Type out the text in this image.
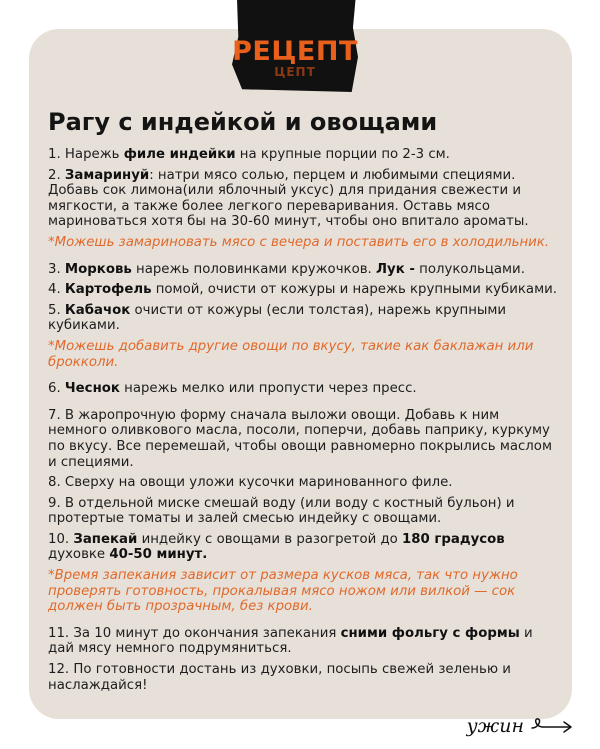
РЕЦЕПТ
ЦЕПТ
Рагу с индейкой и овощами
1. Нарежь филе индейки на крупные порции по 2-3 см.
2. Замаринуй: натри мясо солью, перцем и любимыми специями. Добавь сок лимона(или яблочный уксус) для придания свежести и мягкости, а также более легкого переваривания. Оставь мясо мариноваться хотя бы на 30-60 минут, чтобы оно впитало ароматы.
*Можешь замариновать мясо с вечера и поставить его в холодильник.
3. Морковь нарежь половинками кружочков. Лук - полукольцами.
4. Картофель помой, очисти от кожуры и нарежь крупными кубиками.
5. Кабачок очисти от кожуры (если толстая), нарежь крупными кубиками.
*Можешь добавить другие овощи по вкусу, такие как баклажан или брокколи.
6. Чеснок нарежь мелко или пропусти через пресс.
7. В жаропрочную форму сначала выложи овощи. Добавь к ним немного оливкового масла, посоли, поперчи, добавь паприку, куркуму по вкусу. Все перемешай, чтобы овощи равномерно покрылись маслом и специями.
8. Сверху на овощи уложи кусочки маринованного филе.
9. В отдельной миске смешай воду (или воду с костный бульон) и протертые томаты и залей смесью индейку с овощами.
10. Запекай индейку с овощами в разогретой до 180 градусов духовке 40-50 минут.
*Время запекания зависит от размера кусков мяса, так что нужно проверять готовность, прокалывая мясо ножом или вилкой — сок должен быть прозрачным, без крови.
11. За 10 минут до окончания запекания сними фольгу с формы и дай мясу немного подрумяниться.
12. По готовности достань из духовки, посыпь свежей зеленью и наслаждайся!
ужин
